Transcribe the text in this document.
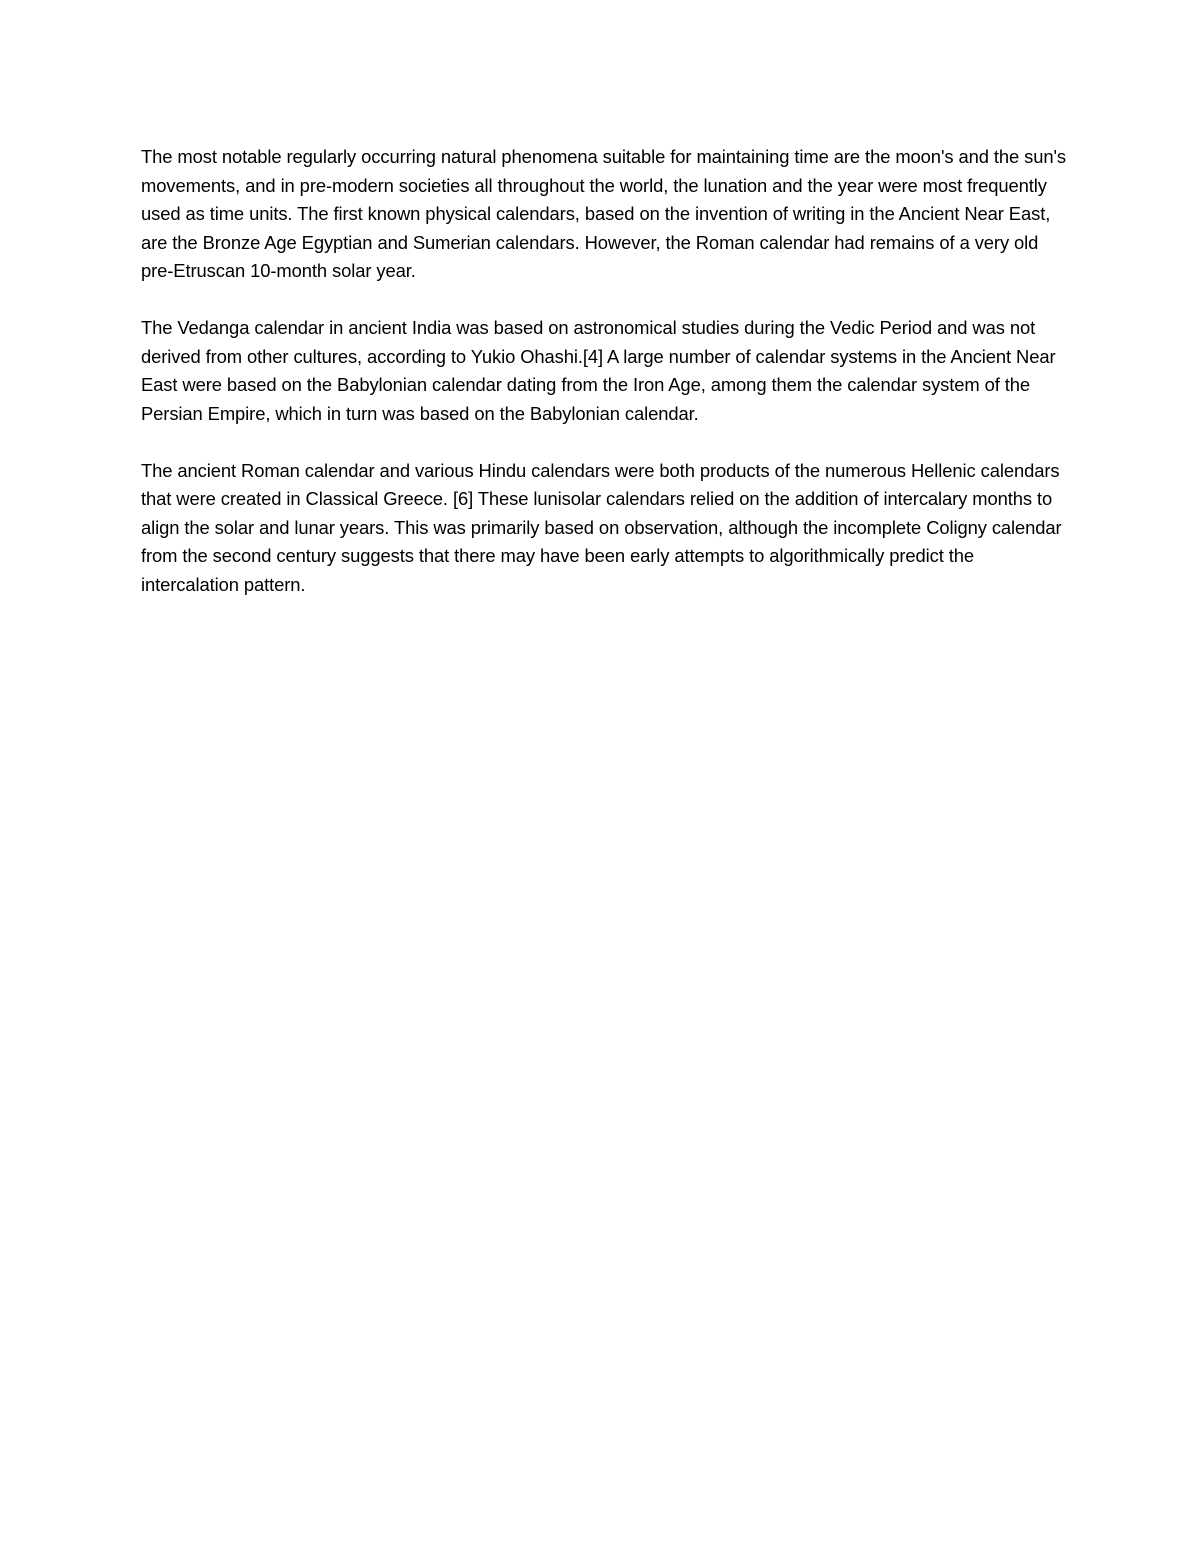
The most notable regularly occurring natural phenomena suitable for maintaining time are the moon's and the sun's movements, and in pre-modern societies all throughout the world, the lunation and the year were most frequently used as time units. The first known physical calendars, based on the invention of writing in the Ancient Near East, are the Bronze Age Egyptian and Sumerian calendars. However, the Roman calendar had remains of a very old pre-Etruscan 10-month solar year.

The Vedanga calendar in ancient India was based on astronomical studies during the Vedic Period and was not derived from other cultures, according to Yukio Ohashi.[4] A large number of calendar systems in the Ancient Near East were based on the Babylonian calendar dating from the Iron Age, among them the calendar system of the Persian Empire, which in turn was based on the Babylonian calendar.

The ancient Roman calendar and various Hindu calendars were both products of the numerous Hellenic calendars that were created in Classical Greece. [6] These lunisolar calendars relied on the addition of intercalary months to align the solar and lunar years. This was primarily based on observation, although the incomplete Coligny calendar from the second century suggests that there may have been early attempts to algorithmically predict the intercalation pattern.
